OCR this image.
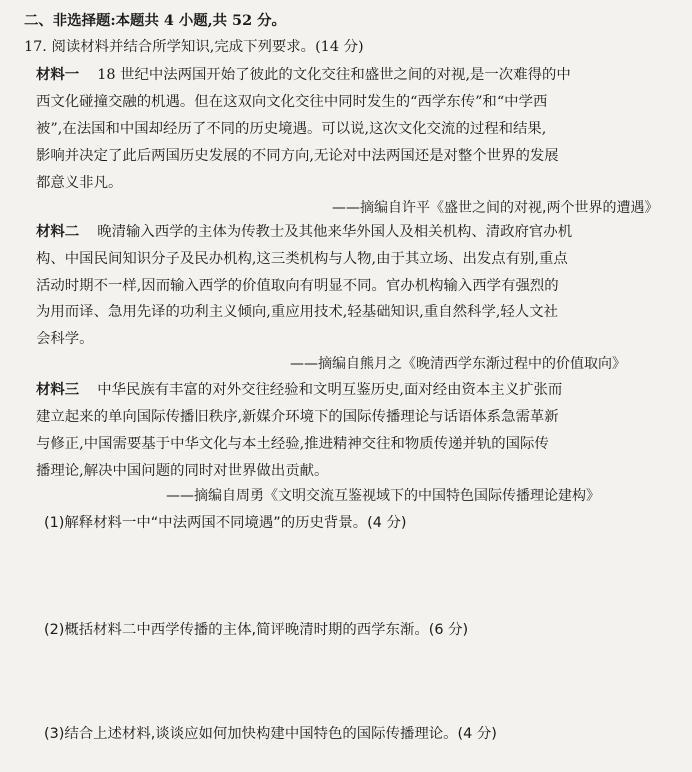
二、非选择题:本题共 4 小题,共 52 分。
17. 阅读材料并结合所学知识,完成下列要求。(14 分)
材料一 18 世纪中法两国开始了彼此的文化交往和盛世之间的对视,是一次难得的中
西文化碰撞交融的机遇。但在这双向文化交往中同时发生的“西学东传”和“中学西
被”,在法国和中国却经历了不同的历史境遇。可以说,这次文化交流的过程和结果,
影响并决定了此后两国历史发展的不同方向,无论对中法两国还是对整个世界的发展
都意义非凡。
——摘编自许平《盛世之间的对视,两个世界的遭遇》
材料二 晚清输入西学的主体为传教士及其他来华外国人及相关机构、清政府官办机
构、中国民间知识分子及民办机构,这三类机构与人物,由于其立场、出发点有别,重点
活动时期不一样,因而输入西学的价值取向有明显不同。官办机构输入西学有强烈的
为用而译、急用先译的功利主义倾向,重应用技术,轻基础知识,重自然科学,轻人文社
会科学。
——摘编自熊月之《晚清西学东渐过程中的价值取向》
材料三 中华民族有丰富的对外交往经验和文明互鉴历史,面对经由资本主义扩张而
建立起来的单向国际传播旧秩序,新媒介环境下的国际传播理论与话语体系急需革新
与修正,中国需要基于中华文化与本土经验,推进精神交往和物质传递并轨的国际传
播理论,解决中国问题的同时对世界做出贡献。
——摘编自周勇《文明交流互鉴视域下的中国特色国际传播理论建构》
(1)解释材料一中“中法两国不同境遇”的历史背景。(4 分)
(2)概括材料二中西学传播的主体,简评晚清时期的西学东渐。(6 分)
(3)结合上述材料,谈谈应如何加快构建中国特色的国际传播理论。(4 分)
